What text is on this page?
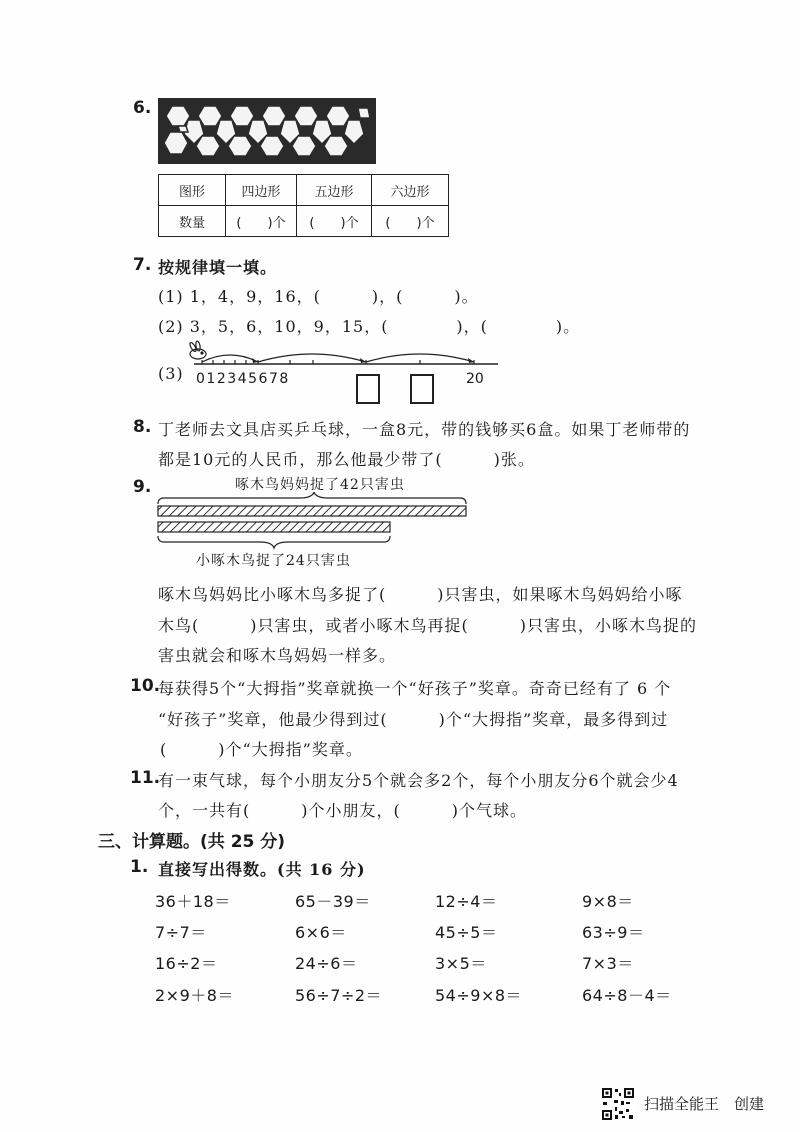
6.
图形	四边形	五边形	六边形
数量	(　　)个	(　　)个	(　　)个
7. 按规律填一填。
(1) 1，4，9，16，(　　　)，(　　　)。
(2) 3，5，6，10，9，15，(　　　　)，(　　　　)。
(3) 012345678	20
8. 丁老师去文具店买乒乓球，一盒8元，带的钱够买6盒。如果丁老师带的
都是10元的人民币，那么他最少带了(　　　)张。
9.	啄木鸟妈妈捉了42只害虫
小啄木鸟捉了24只害虫
啄木鸟妈妈比小啄木鸟多捉了(　　　)只害虫，如果啄木鸟妈妈给小啄
木鸟(　　　)只害虫，或者小啄木鸟再捉(　　　)只害虫，小啄木鸟捉的
害虫就会和啄木鸟妈妈一样多。
10.
每获得5个“大拇指”奖章就换一个“好孩子”奖章。奇奇已经有了 6 个
“好孩子”奖章，他最少得到过(　　　)个“大拇指”奖章，最多得到过
(　　　)个“大拇指”奖章。
11.
有一束气球，每个小朋友分5个就会多2个，每个小朋友分6个就会少4
个，一共有(　　　)个小朋友，(　　　)个气球。
三、计算题。(共 25 分)
1. 直接写出得数。(共 16 分)
36＋18＝	65－39＝	12÷4＝	9×8＝
7÷7＝	6×6＝	45÷5＝	63÷9＝
16÷2＝	24÷6＝	3×5＝	7×3＝
2×9＋8＝	56÷7÷2＝	54÷9×8＝	64÷8－4＝
扫描全能王　创建
